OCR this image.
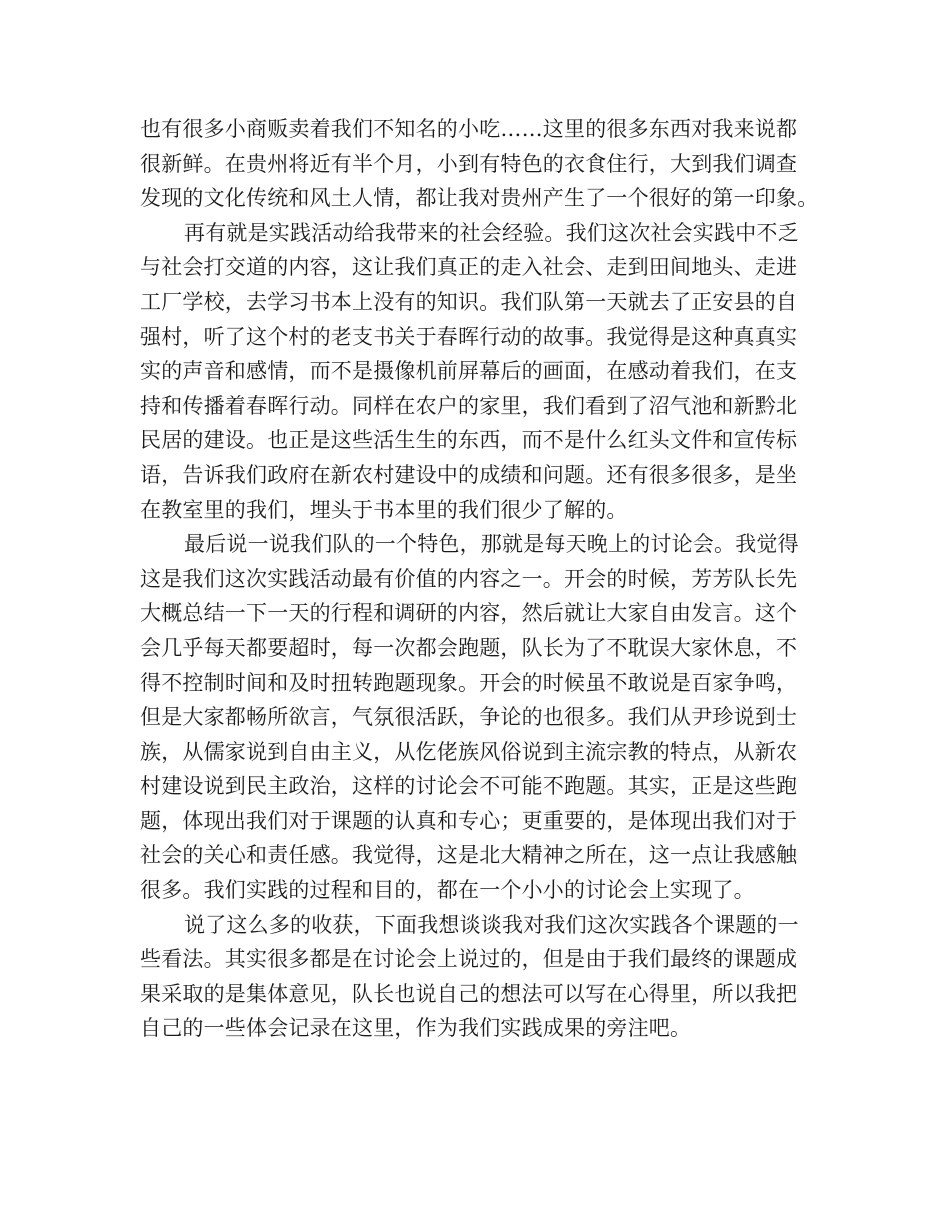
也有很多小商贩卖着我们不知名的小吃……这里的很多东西对我来说都
很新鲜。在贵州将近有半个月，小到有特色的衣食住行，大到我们调查
发现的文化传统和风土人情，都让我对贵州产生了一个很好的第一印象。
再有就是实践活动给我带来的社会经验。我们这次社会实践中不乏
与社会打交道的内容，这让我们真正的走入社会、走到田间地头、走进
工厂学校，去学习书本上没有的知识。我们队第一天就去了正安县的自
强村，听了这个村的老支书关于春晖行动的故事。我觉得是这种真真实
实的声音和感情，而不是摄像机前屏幕后的画面，在感动着我们，在支
持和传播着春晖行动。同样在农户的家里，我们看到了沼气池和新黔北
民居的建设。也正是这些活生生的东西，而不是什么红头文件和宣传标
语，告诉我们政府在新农村建设中的成绩和问题。还有很多很多，是坐
在教室里的我们，埋头于书本里的我们很少了解的。
最后说一说我们队的一个特色，那就是每天晚上的讨论会。我觉得
这是我们这次实践活动最有价值的内容之一。开会的时候，芳芳队长先
大概总结一下一天的行程和调研的内容，然后就让大家自由发言。这个
会几乎每天都要超时，每一次都会跑题，队长为了不耽误大家休息，不
得不控制时间和及时扭转跑题现象。开会的时候虽不敢说是百家争鸣，
但是大家都畅所欲言，气氛很活跃，争论的也很多。我们从尹珍说到士
族，从儒家说到自由主义，从仡佬族风俗说到主流宗教的特点，从新农
村建设说到民主政治，这样的讨论会不可能不跑题。其实，正是这些跑
题，体现出我们对于课题的认真和专心；更重要的，是体现出我们对于
社会的关心和责任感。我觉得，这是北大精神之所在，这一点让我感触
很多。我们实践的过程和目的，都在一个小小的讨论会上实现了。
说了这么多的收获，下面我想谈谈我对我们这次实践各个课题的一
些看法。其实很多都是在讨论会上说过的，但是由于我们最终的课题成
果采取的是集体意见，队长也说自己的想法可以写在心得里，所以我把
自己的一些体会记录在这里，作为我们实践成果的旁注吧。
